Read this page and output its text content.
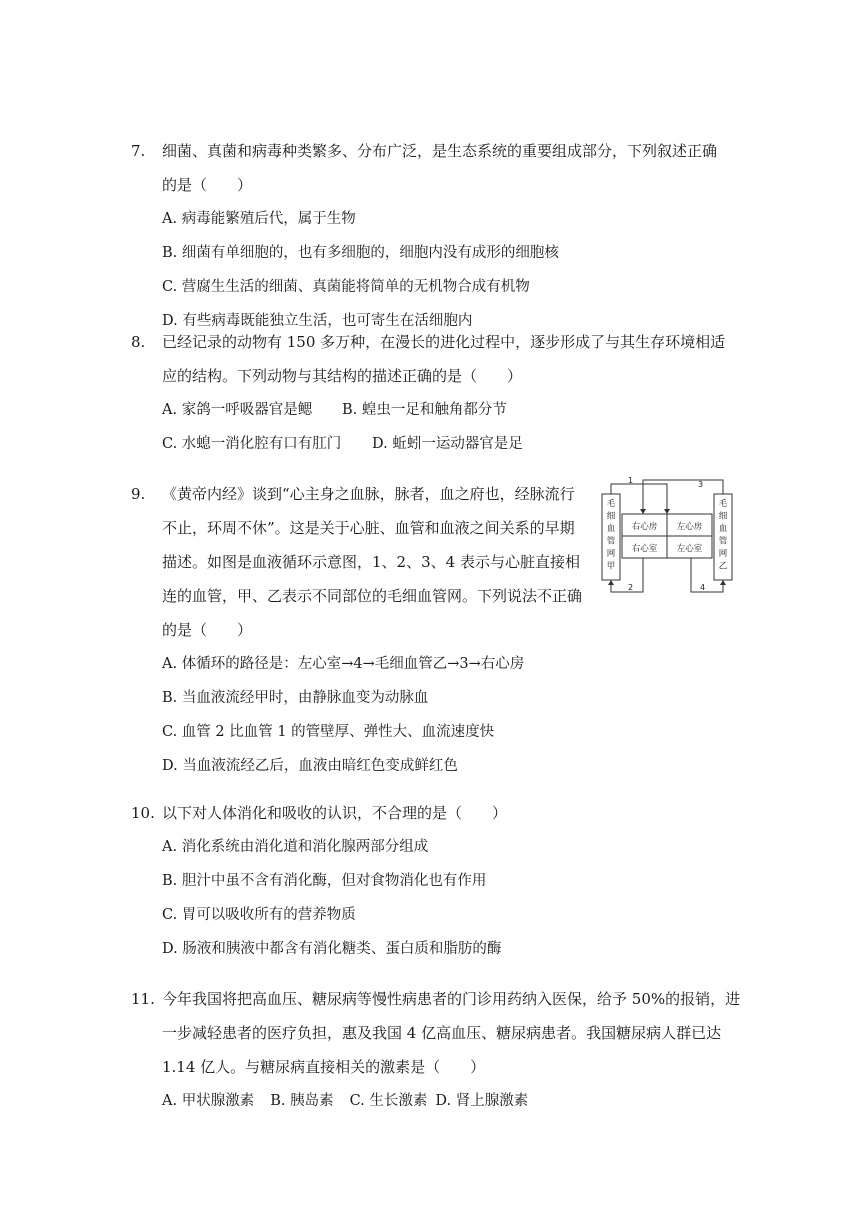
7. 细菌、真菌和病毒种类繁多、分布广泛，是生态系统的重要组成部分，下列叙述正确
的是（　　）
A. 病毒能繁殖后代，属于生物
B. 细菌有单细胞的，也有多细胞的，细胞内没有成形的细胞核
C. 营腐生生活的细菌、真菌能将简单的无机物合成有机物
D. 有些病毒既能独立生活，也可寄生在活细胞内
8. 已经记录的动物有 150 多万种，在漫长的进化过程中，逐步形成了与其生存环境相适
应的结构。下列动物与其结构的描述正确的是（　　）
A. 家鸽一呼吸器官是鳃 B. 蝗虫一足和触角都分节
C. 水螅一消化腔有口有肛门 D. 蚯蚓一运动器官是足
9. 《黄帝内经》谈到“心主身之血脉，脉者，血之府也，经脉流行
不止，环周不休”。这是关于心脏、血管和血液之间关系的早期
描述。如图是血液循环示意图，1、2、3、4 表示与心脏直接相
连的血管，甲、乙表示不同部位的毛细血管网。下列说法不正确
的是（　　）
A. 体循环的路径是：左心室→4→毛细血管乙→3→右心房
B. 当血液流经甲时，由静脉血变为动脉血
C. 血管 2 比血管 1 的管壁厚、弹性大、血流速度快
D. 当血液流经乙后，血液由暗红色变成鲜红色
毛细血管网甲
毛细血管网乙
右心房 左心房
右心室 左心室
1	3
2	4
10. 以下对人体消化和吸收的认识，不合理的是（　　）
A. 消化系统由消化道和消化腺两部分组成
B. 胆汁中虽不含有消化酶，但对食物消化也有作用
C. 胃可以吸收所有的营养物质
D. 肠液和胰液中都含有消化糖类、蛋白质和脂肪的酶
11. 今年我国将把高血压、糖尿病等慢性病患者的门诊用药纳入医保，给予 50%的报销，进
一步减轻患者的医疗负担，惠及我国 4 亿高血压、糖尿病患者。我国糖尿病人群已达
1.14 亿人。与糖尿病直接相关的激素是（　　）
A. 甲状腺激素 B. 胰岛素 C. 生长激素 D. 肾上腺激素
